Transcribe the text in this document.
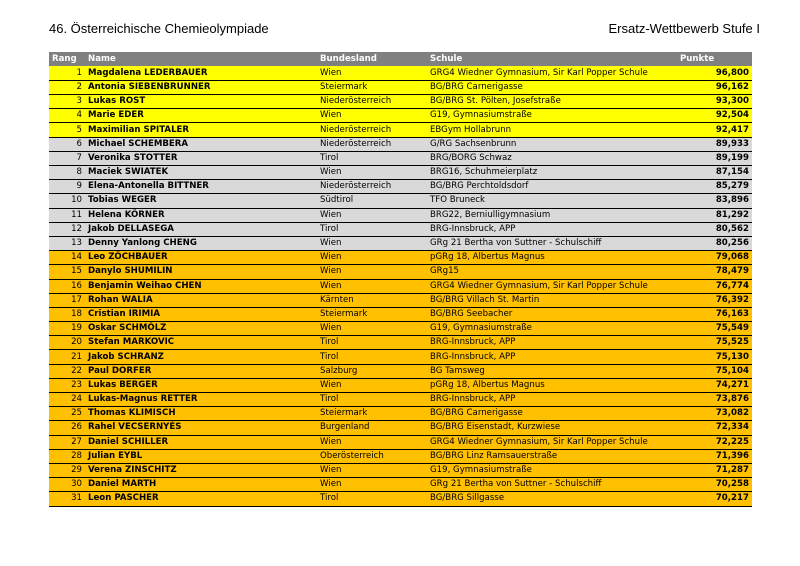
46. Österreichische Chemieolympiade	Ersatz-Wettbewerb Stufe I
Rang	Name	Bundesland	Schule	Punkte
1	Magdalena LEDERBAUER	Wien	GRG4 Wiedner Gymnasium, Sir Karl Popper Schule	96,800
2	Antonia SIEBENBRUNNER	Steiermark	BG/BRG Carnerigasse	96,162
3	Lukas ROST	Niederösterreich	BG/BRG St. Pölten, Josefstraße	93,300
4	Marie EDER	Wien	G19, Gymnasiumstraße	92,504
5	Maximilian SPITALER	Niederösterreich	EBGym Hollabrunn	92,417
6	Michael SCHEMBERA	Niederösterreich	G/RG Sachsenbrunn	89,933
7	Veronika STOTTER	Tirol	BRG/BORG Schwaz	89,199
8	Maciek SWIATEK	Wien	BRG16, Schuhmeierplatz	87,154
9	Elena-Antonella BITTNER	Niederösterreich	BG/BRG Perchtoldsdorf	85,279
10	Tobias WEGER	Südtirol	TFO Bruneck	83,896
11	Helena KÖRNER	Wien	BRG22, Berniulligymnasium	81,292
12	Jakob DELLASEGA	Tirol	BRG-Innsbruck, APP	80,562
13	Denny Yanlong CHENG	Wien	GRg 21 Bertha von Suttner - Schulschiff	80,256
14	Leo ZÖCHBAUER	Wien	pGRg 18, Albertus Magnus	79,068
15	Danylo SHUMILIN	Wien	GRg15	78,479
16	Benjamin Weihao CHEN	Wien	GRG4 Wiedner Gymnasium, Sir Karl Popper Schule	76,774
17	Rohan WALIA	Kärnten	BG/BRG Villach St. Martin	76,392
18	Cristian IRIMIA	Steiermark	BG/BRG Seebacher	76,163
19	Oskar SCHMÖLZ	Wien	G19, Gymnasiumstraße	75,549
20	Stefan MARKOVIC	Tirol	BRG-Innsbruck, APP	75,525
21	Jakob SCHRANZ	Tirol	BRG-Innsbruck, APP	75,130
22	Paul DORFER	Salzburg	BG Tamsweg	75,104
23	Lukas BERGER	Wien	pGRg 18, Albertus Magnus	74,271
24	Lukas-Magnus RETTER	Tirol	BRG-Innsbruck, APP	73,876
25	Thomas KLIMISCH	Steiermark	BG/BRG Carnerigasse	73,082
26	Rahel VECSERNYÉS	Burgenland	BG/BRG Eisenstadt, Kurzwiese	72,334
27	Daniel SCHILLER	Wien	GRG4 Wiedner Gymnasium, Sir Karl Popper Schule	72,225
28	Julian EYBL	Oberösterreich	BG/BRG Linz Ramsauerstraße	71,396
29	Verena ZINSCHITZ	Wien	G19, Gymnasiumstraße	71,287
30	Daniel MARTH	Wien	GRg 21 Bertha von Suttner - Schulschiff	70,258
31	Leon PASCHER	Tirol	BG/BRG Sillgasse	70,217
